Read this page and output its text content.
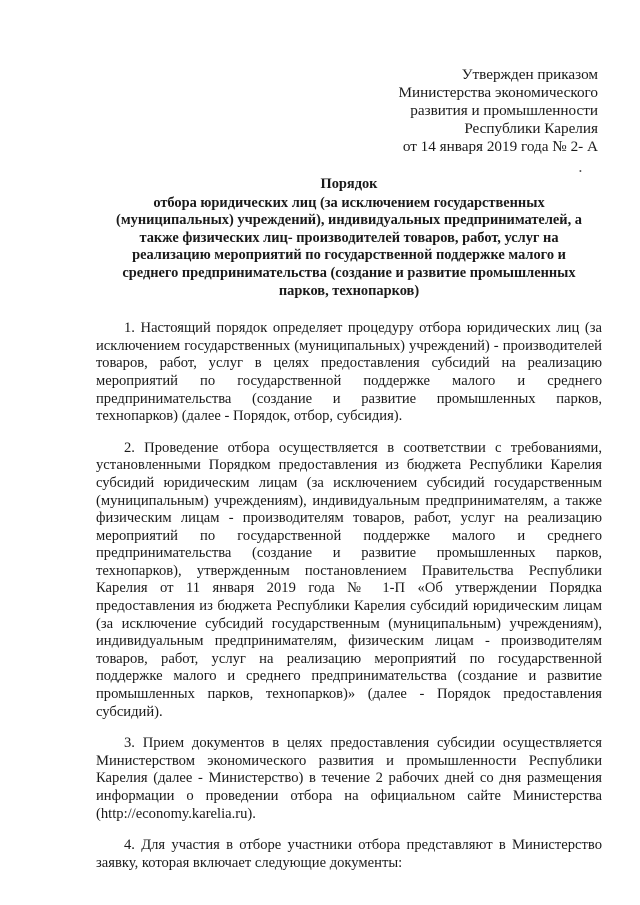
Утвержден приказом
Министерства экономического
развития и промышленности
Республики Карелия
от 14 января 2019 года № 2- А
Порядок
отбора юридических лиц (за исключением государственных
(муниципальных) учреждений), индивидуальных предпринимателей, а
также физических лиц- производителей товаров, работ, услуг на
реализацию мероприятий по государственной поддержке малого и
среднего предпринимательства (создание и развитие промышленных
парков, технопарков)

1. Настоящий порядок определяет процедуру отбора юридических лиц (за исключением государственных (муниципальных) учреждений) - производителей товаров, работ, услуг в целях предоставления субсидий на реализацию мероприятий по государственной поддержке малого и среднего предпринимательства (создание и развитие промышленных парков, технопарков) (далее - Порядок, отбор, субсидия).

2. Проведение отбора осуществляется в соответствии с требованиями, установленными Порядком предоставления из бюджета Республики Карелия субсидий юридическим лицам (за исключением субсидий государственным (муниципальным) учреждениям), индивидуальным предпринимателям, а также физическим лицам - производителям товаров, работ, услуг на реализацию мероприятий по государственной поддержке малого и среднего предпринимательства (создание и развитие промышленных парков, технопарков), утвержденным постановлением Правительства Республики Карелия от 11 января 2019 года № 1-П «Об утверждении Порядка предоставления из бюджета Республики Карелия субсидий юридическим лицам (за исключение субсидий государственным (муниципальным) учреждениям), индивидуальным предпринимателям, физическим лицам - производителям товаров, работ, услуг на реализацию мероприятий по государственной поддержке малого и среднего предпринимательства (создание и развитие промышленных парков, технопарков)» (далее - Порядок предоставления субсидий).

3. Прием документов в целях предоставления субсидии осуществляется Министерством экономического развития и промышленности Республики Карелия (далее - Министерство) в течение 2 рабочих дней со дня размещения информации о проведении отбора на официальном сайте Министерства (http://economy.karelia.ru).

4. Для участия в отборе участники отбора представляют в Министерство заявку, которая включает следующие документы:

•
